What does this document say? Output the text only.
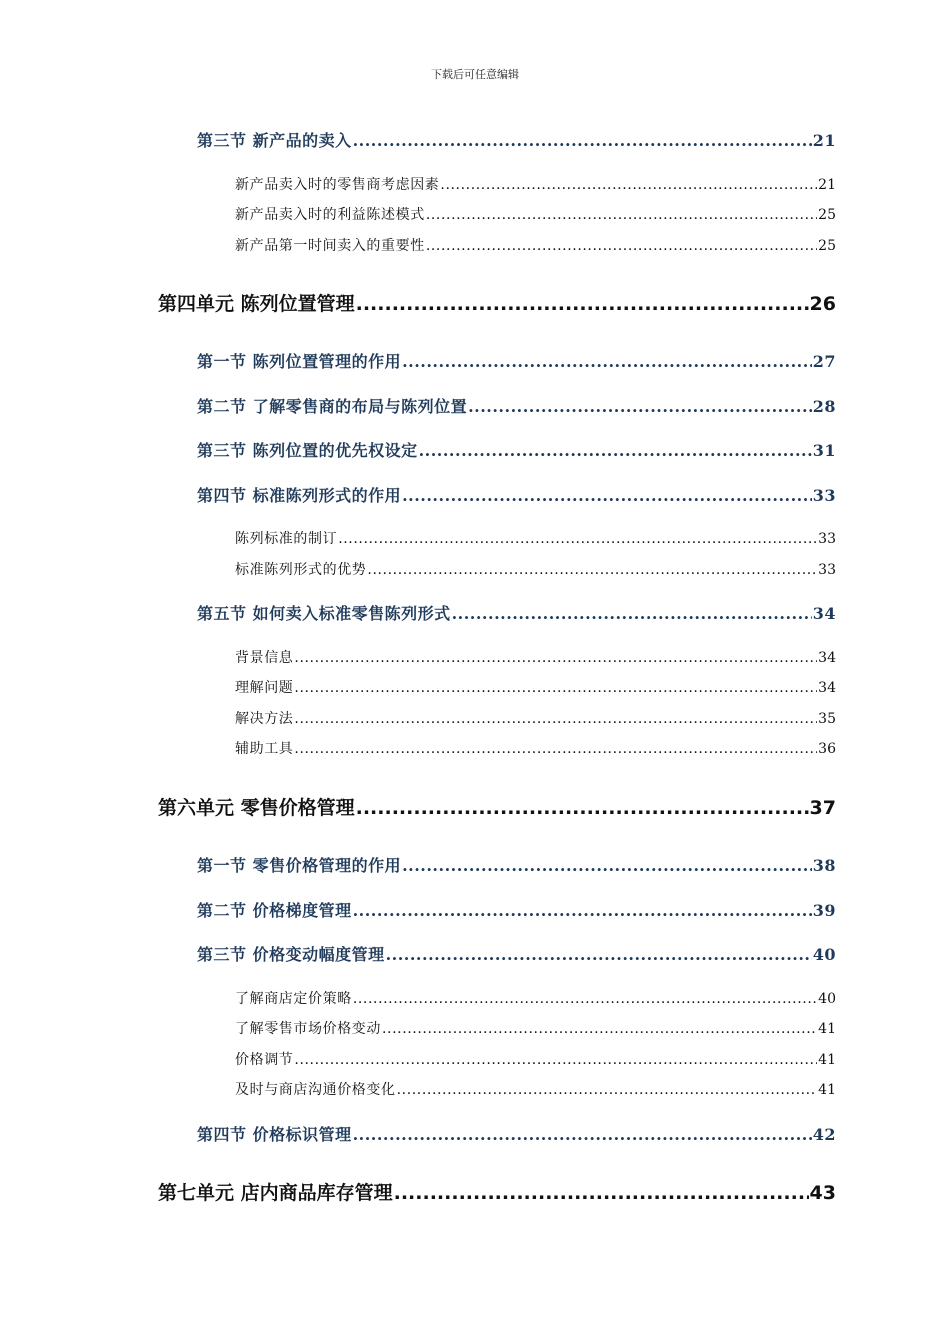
下载后可任意编辑
第三节 新产品的卖入 .....	21
新产品卖入时的零售商考虑因素 .....	21
新产品卖入时的利益陈述模式 .....	25
新产品第一时间卖入的重要性 .....	25
第四单元 陈列位置管理 .....	26
第一节 陈列位置管理的作用 .....	27
第二节 了解零售商的布局与陈列位置 .....	28
第三节 陈列位置的优先权设定 .....	31
第四节 标准陈列形式的作用 .....	33
陈列标准的制订 .....	33
标准陈列形式的优势 .....	33
第五节 如何卖入标准零售陈列形式 .....	34
背景信息 .....	34
理解问题 .....	34
解决方法 .....	35
辅助工具 .....	36
第六单元 零售价格管理 .....	37
第一节 零售价格管理的作用 .....	38
第二节 价格梯度管理 .....	39
第三节 价格变动幅度管理 .....	40
了解商店定价策略 .....	40
了解零售市场价格变动 .....	41
价格调节 .....	41
及时与商店沟通价格变化 .....	41
第四节 价格标识管理 .....	42
第七单元 店内商品库存管理 .....	43
